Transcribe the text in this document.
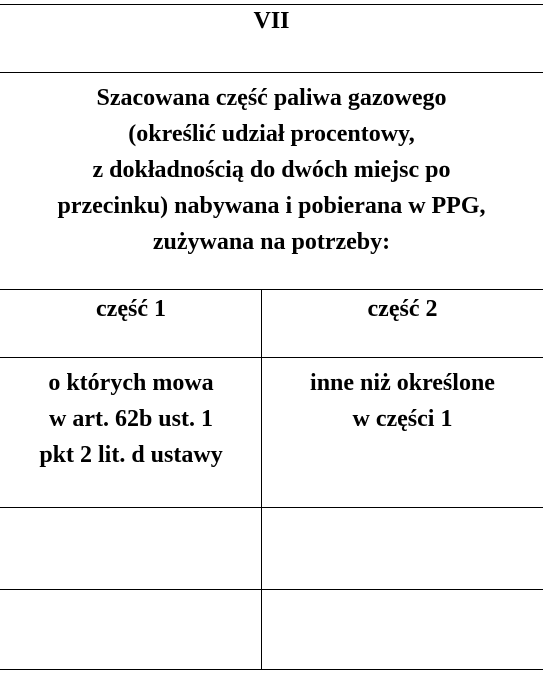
VII
Szacowana część paliwa gazowego
(określić udział procentowy,
z dokładnością do dwóch miejsc po
przecinku) nabywana i pobierana w PPG,
zużywana na potrzeby:
część 1	część 2
o których mowa
w art. 62b ust. 1
pkt 2 lit. d ustawy
inne niż określone
w części 1
